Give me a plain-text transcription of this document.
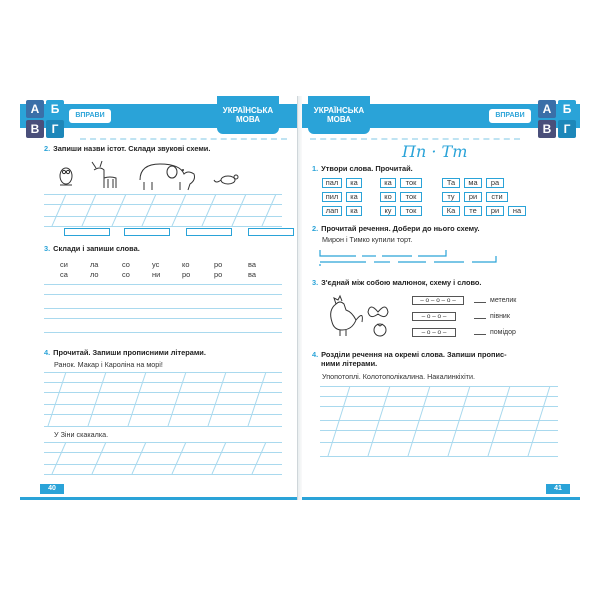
А Б
В	Г
ВПРАВИ
УКРАЇНСЬКА МОВА
2. Запиши назви істот. Склади звукові схеми.
3. Склади і запиши слова.
си	ла	со	ус	ко	ро	ва
са	ло	со	ни	ро	ро	ва
4. Прочитай. Запиши прописними літерами.
Ранок. Макар і Кароліна на морі!
У Зіни скакалка.
40
УКРАЇНСЬКА МОВА	ВПРАВИ	А Б
В	Г
Пп · Тт
1. Утвори слова. Прочитай.
пал	ка
пил	ка
лап	ка
ка	ток
ко	ток
ку	ток
Та	ма	ра
ту	ри	сти
Ка	те	ри	на
2. Прочитай речення. Добери до нього схему.
Мирон і Тимко купили торт.
3. З'єднай між собою малюнок, схему і слово.
– о – о – о –
– о – о –
– о – о –
метелик
півник
помідор
4. Розділи речення на окремі слова. Запиши пропис-
ними літерами.
Упопотоплі. Колотополікалина. Накалинкіхіти.
41
